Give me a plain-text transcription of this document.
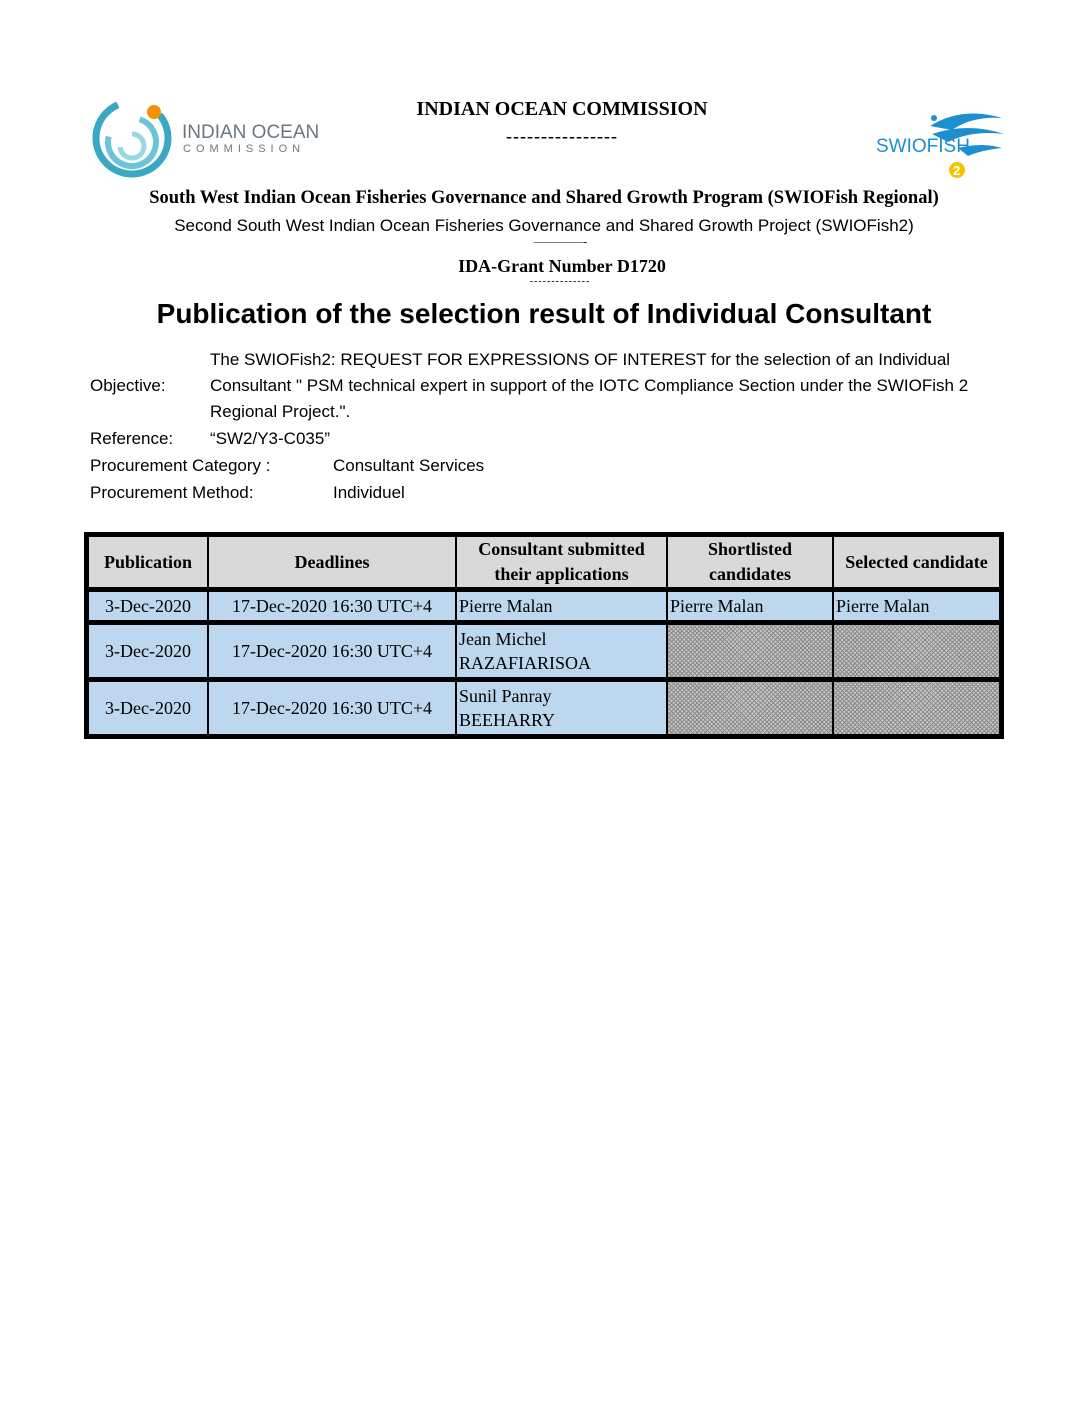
INDIAN OCEAN
COMMISSION	SWIOFISH
2
INDIAN OCEAN COMMISSION
----------------
South West Indian Ocean Fisheries Governance and Shared Growth Program (SWIOFish Regional)
Second South West Indian Ocean Fisheries Governance and Shared Growth Project (SWIOFish2)
—————-
IDA-Grant Number D1720
--------------
Publication of the selection result of Individual Consultant
Objective:
The SWIOFish2: REQUEST FOR EXPRESSIONS OF INTEREST for the selection of an Individual Consultant " PSM technical expert in support of the IOTC Compliance Section under the SWIOFish 2 Regional Project.".
Reference: “SW2/Y3-C035”
Procurement Category :	Consultant Services
Procurement Method:	Individuel
Publication	Deadlines	Consultant submitted their applications	Shortlisted candidates	Selected candidate

3-Dec-2020	17-Dec-2020 16:30 UTC+4	Pierre Malan	Pierre Malan	Pierre Malan

3-Dec-2020	17-Dec-2020 16:30 UTC+4	Jean Michel
RAZAFIARISOA		

3-Dec-2020	17-Dec-2020 16:30 UTC+4	Sunil Panray
BEEHARRY		
